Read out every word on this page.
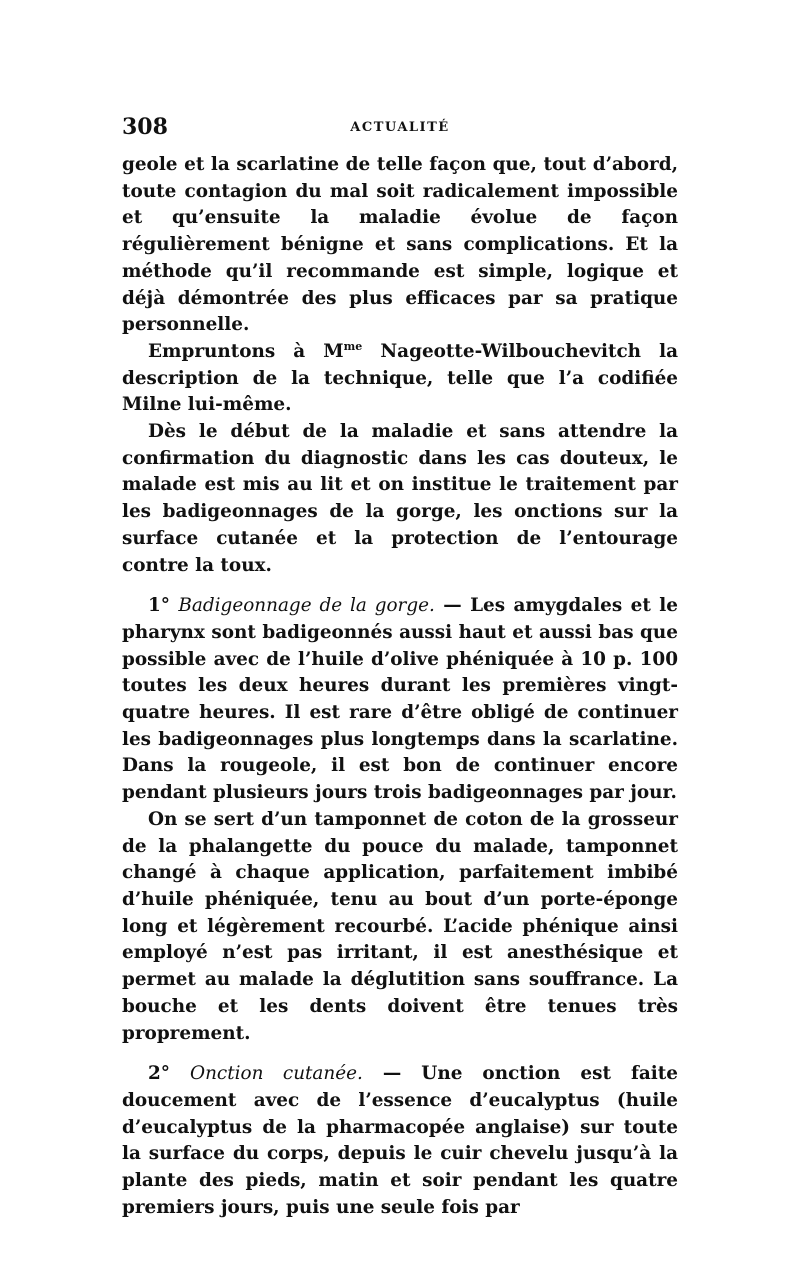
308	ACTUALITÉ

geole et la scarlatine de telle façon que, tout d’abord, toute contagion du mal soit radicalement impossible et qu’ensuite la maladie évolue de façon régulièrement bénigne et sans complications. Et la méthode qu’il recommande est simple, logique et déjà démontrée des plus efficaces par sa pratique personnelle.

Empruntons à $M^{me}$ Nageotte-Wilbouchevitch la description de la technique, telle que l’a codifiée Milne lui-même.

Dès le début de la maladie et sans attendre la confirmation du diagnostic dans les cas douteux, le malade est mis au lit et on institue le traitement par les badigeonnages de la gorge, les onctions sur la surface cutanée et la protection de l’entourage contre la toux.

1° Badigeonnage de la gorge. — Les amygdales et le pharynx sont badigeonnés aussi haut et aussi bas que possible avec de l’huile d’olive phéniquée à 10 p. 100 toutes les deux heures durant les premières vingt-quatre heures. Il est rare d’être obligé de continuer les badigeonnages plus longtemps dans la scarlatine. Dans la rougeole, il est bon de continuer encore pendant plusieurs jours trois badigeonnages par jour.

On se sert d’un tamponnet de coton de la grosseur de la phalangette du pouce du malade, tamponnet changé à chaque application, parfaitement imbibé d’huile phéniquée, tenu au bout d’un porte-éponge long et légèrement recourbé. L’acide phénique ainsi employé n’est pas irritant, il est anesthésique et permet au malade la déglutition sans souffrance. La bouche et les dents doivent être tenues très proprement.

2° Onction cutanée. — Une onction est faite doucement avec de l’essence d’eucalyptus (huile d’eucalyptus de la pharmacopée anglaise) sur toute la surface du corps, depuis le cuir chevelu jusqu’à la plante des pieds, matin et soir pendant les quatre premiers jours, puis une seule fois par
